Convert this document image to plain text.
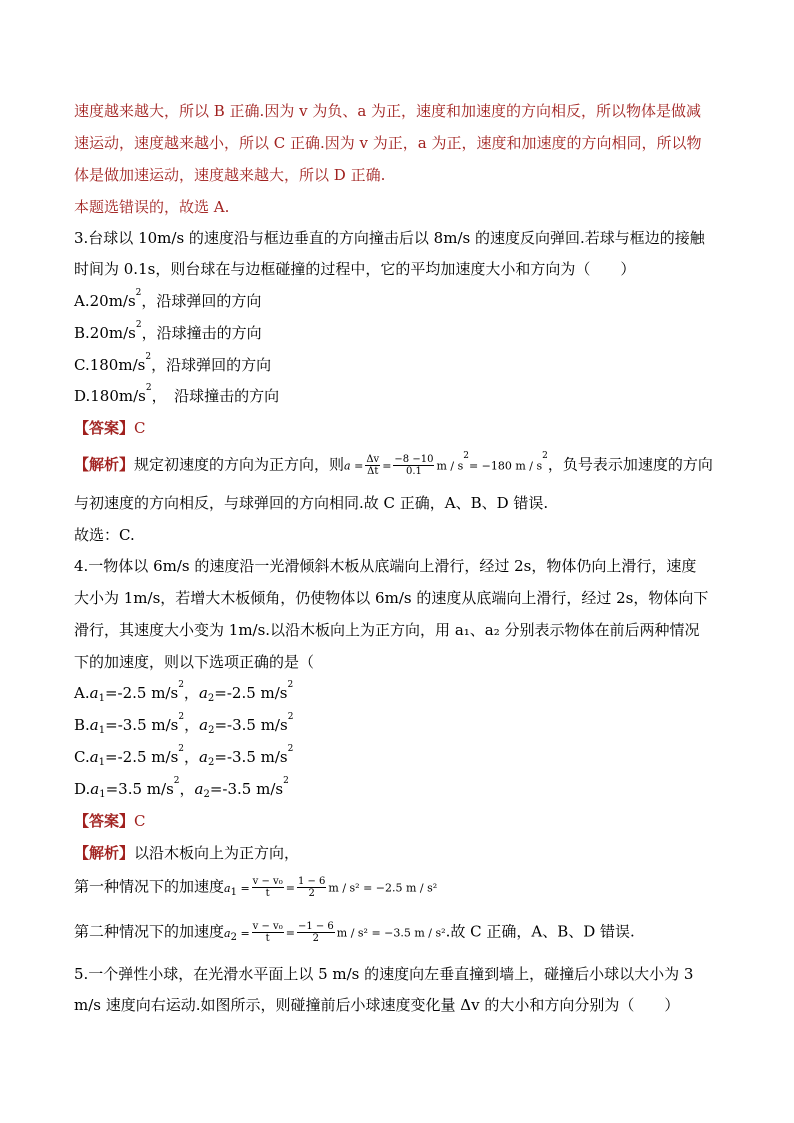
速度越来越大，所以 B 正确.因为 v 为负、a 为正，速度和加速度的方向相反，所以物体是做减
速运动，速度越来越小，所以 C 正确.因为 v 为正，a 为正，速度和加速度的方向相同，所以物
体是做加速运动，速度越来越大，所以 D 正确.
本题选错误的，故选 A.
3.台球以 10m/s 的速度沿与框边垂直的方向撞击后以 8m/s 的速度反向弹回.若球与框边的接触
时间为 0.1s，则台球在与边框碰撞的过程中，它的平均加速度大小和方向为（　　）
$A.20m/s^2$，沿球弹回的方向
$B.20m/s^2$，沿球撞击的方向
$C.180m/s^2$，沿球弹回的方向
$D.180m/s^2$，　沿球撞击的方向
【答案】C
【解析】规定初速度的方向为正方向，则$a = \frac{\Delta v}{\Delta t} = \frac{-8 -10}{0.1}$ $m / s^2= -180$ m / $s^2$，负号表示加速度的方向
与初速度的方向相反，与球弹回的方向相同.故 C 正确，A、B、D 错误.
故选：C.
4.一物体以 6m/s 的速度沿一光滑倾斜木板从底端向上滑行，经过 2s，物体仍向上滑行，速度
大小为 1m/s，若增大木板倾角，仍使物体以 6m/s 的速度从底端向上滑行，经过 2s，物体向下
滑行，其速度大小变为 1m/s.以沿木板向上为正方向，用 a₁、a₂ 分别表示物体在前后两种情况
下的加速度，则以下选项正确的是（
$A.a_1=-2.5$ $m/s^2$，$a_2=-2.5$ $m/s^2$
$B.a_1=-3.5$ $m/s^2$，$a_2=-3.5$ $m/s^2$
$C.a_1=-2.5$ $m/s^2$，$a_2=-3.5$ $m/s^2$
$D.a_1=3.5$ $m/s^2$，$a_2=-3.5$ $m/s^2$
【答案】C
【解析】以沿木板向上为正方向，
第一种情况下的加速度$a_1 = \frac{\text{v − v₀}}{t} = \frac{1 - 6}{2}$ m / s² = −2.5 m / s²
第二种情况下的加速度$a_2 = \frac{\text{v − v₀}}{t} = \frac{-1 - 6}{2}$ m / s² = −3.5 m / s².故 C 正确，A、B、D 错误.
5.一个弹性小球，在光滑水平面上以 5 m/s 的速度向左垂直撞到墙上，碰撞后小球以大小为 3
m/s 速度向右运动.如图所示，则碰撞前后小球速度变化量 Δv 的大小和方向分别为（　　）
